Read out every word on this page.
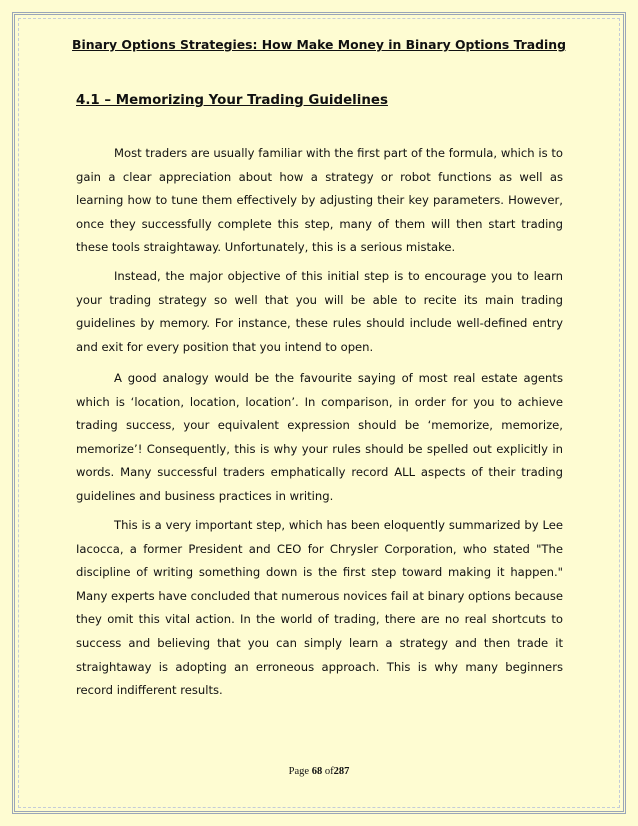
Binary Options Strategies: How Make Money in Binary Options Trading
4.1 – Memorizing Your Trading Guidelines

Most traders are usually familiar with the first part of the formula, which is to gain a clear appreciation about how a strategy or robot functions as well as learning how to tune them effectively by adjusting their key parameters. However, once they successfully complete this step, many of them will then start trading these tools straightaway. Unfortunately, this is a serious mistake.

Instead, the major objective of this initial step is to encourage you to learn your trading strategy so well that you will be able to recite its main trading guidelines by memory. For instance, these rules should include well-defined entry and exit for every position that you intend to open.

A good analogy would be the favourite saying of most real estate agents which is ‘location, location, location’. In comparison, in order for you to achieve trading success, your equivalent expression should be ‘memorize, memorize, memorize’! Consequently, this is why your rules should be spelled out explicitly in words. Many successful traders emphatically record ALL aspects of their trading guidelines and business practices in writing.

This is a very important step, which has been eloquently summarized by Lee Iacocca, a former President and CEO for Chrysler Corporation, who stated "The discipline of writing something down is the first step toward making it happen." Many experts have concluded that numerous novices fail at binary options because they omit this vital action. In the world of trading, there are no real shortcuts to success and believing that you can simply learn a strategy and then trade it straightaway is adopting an erroneous approach. This is why many beginners record indifferent results.

Page 68 of287
